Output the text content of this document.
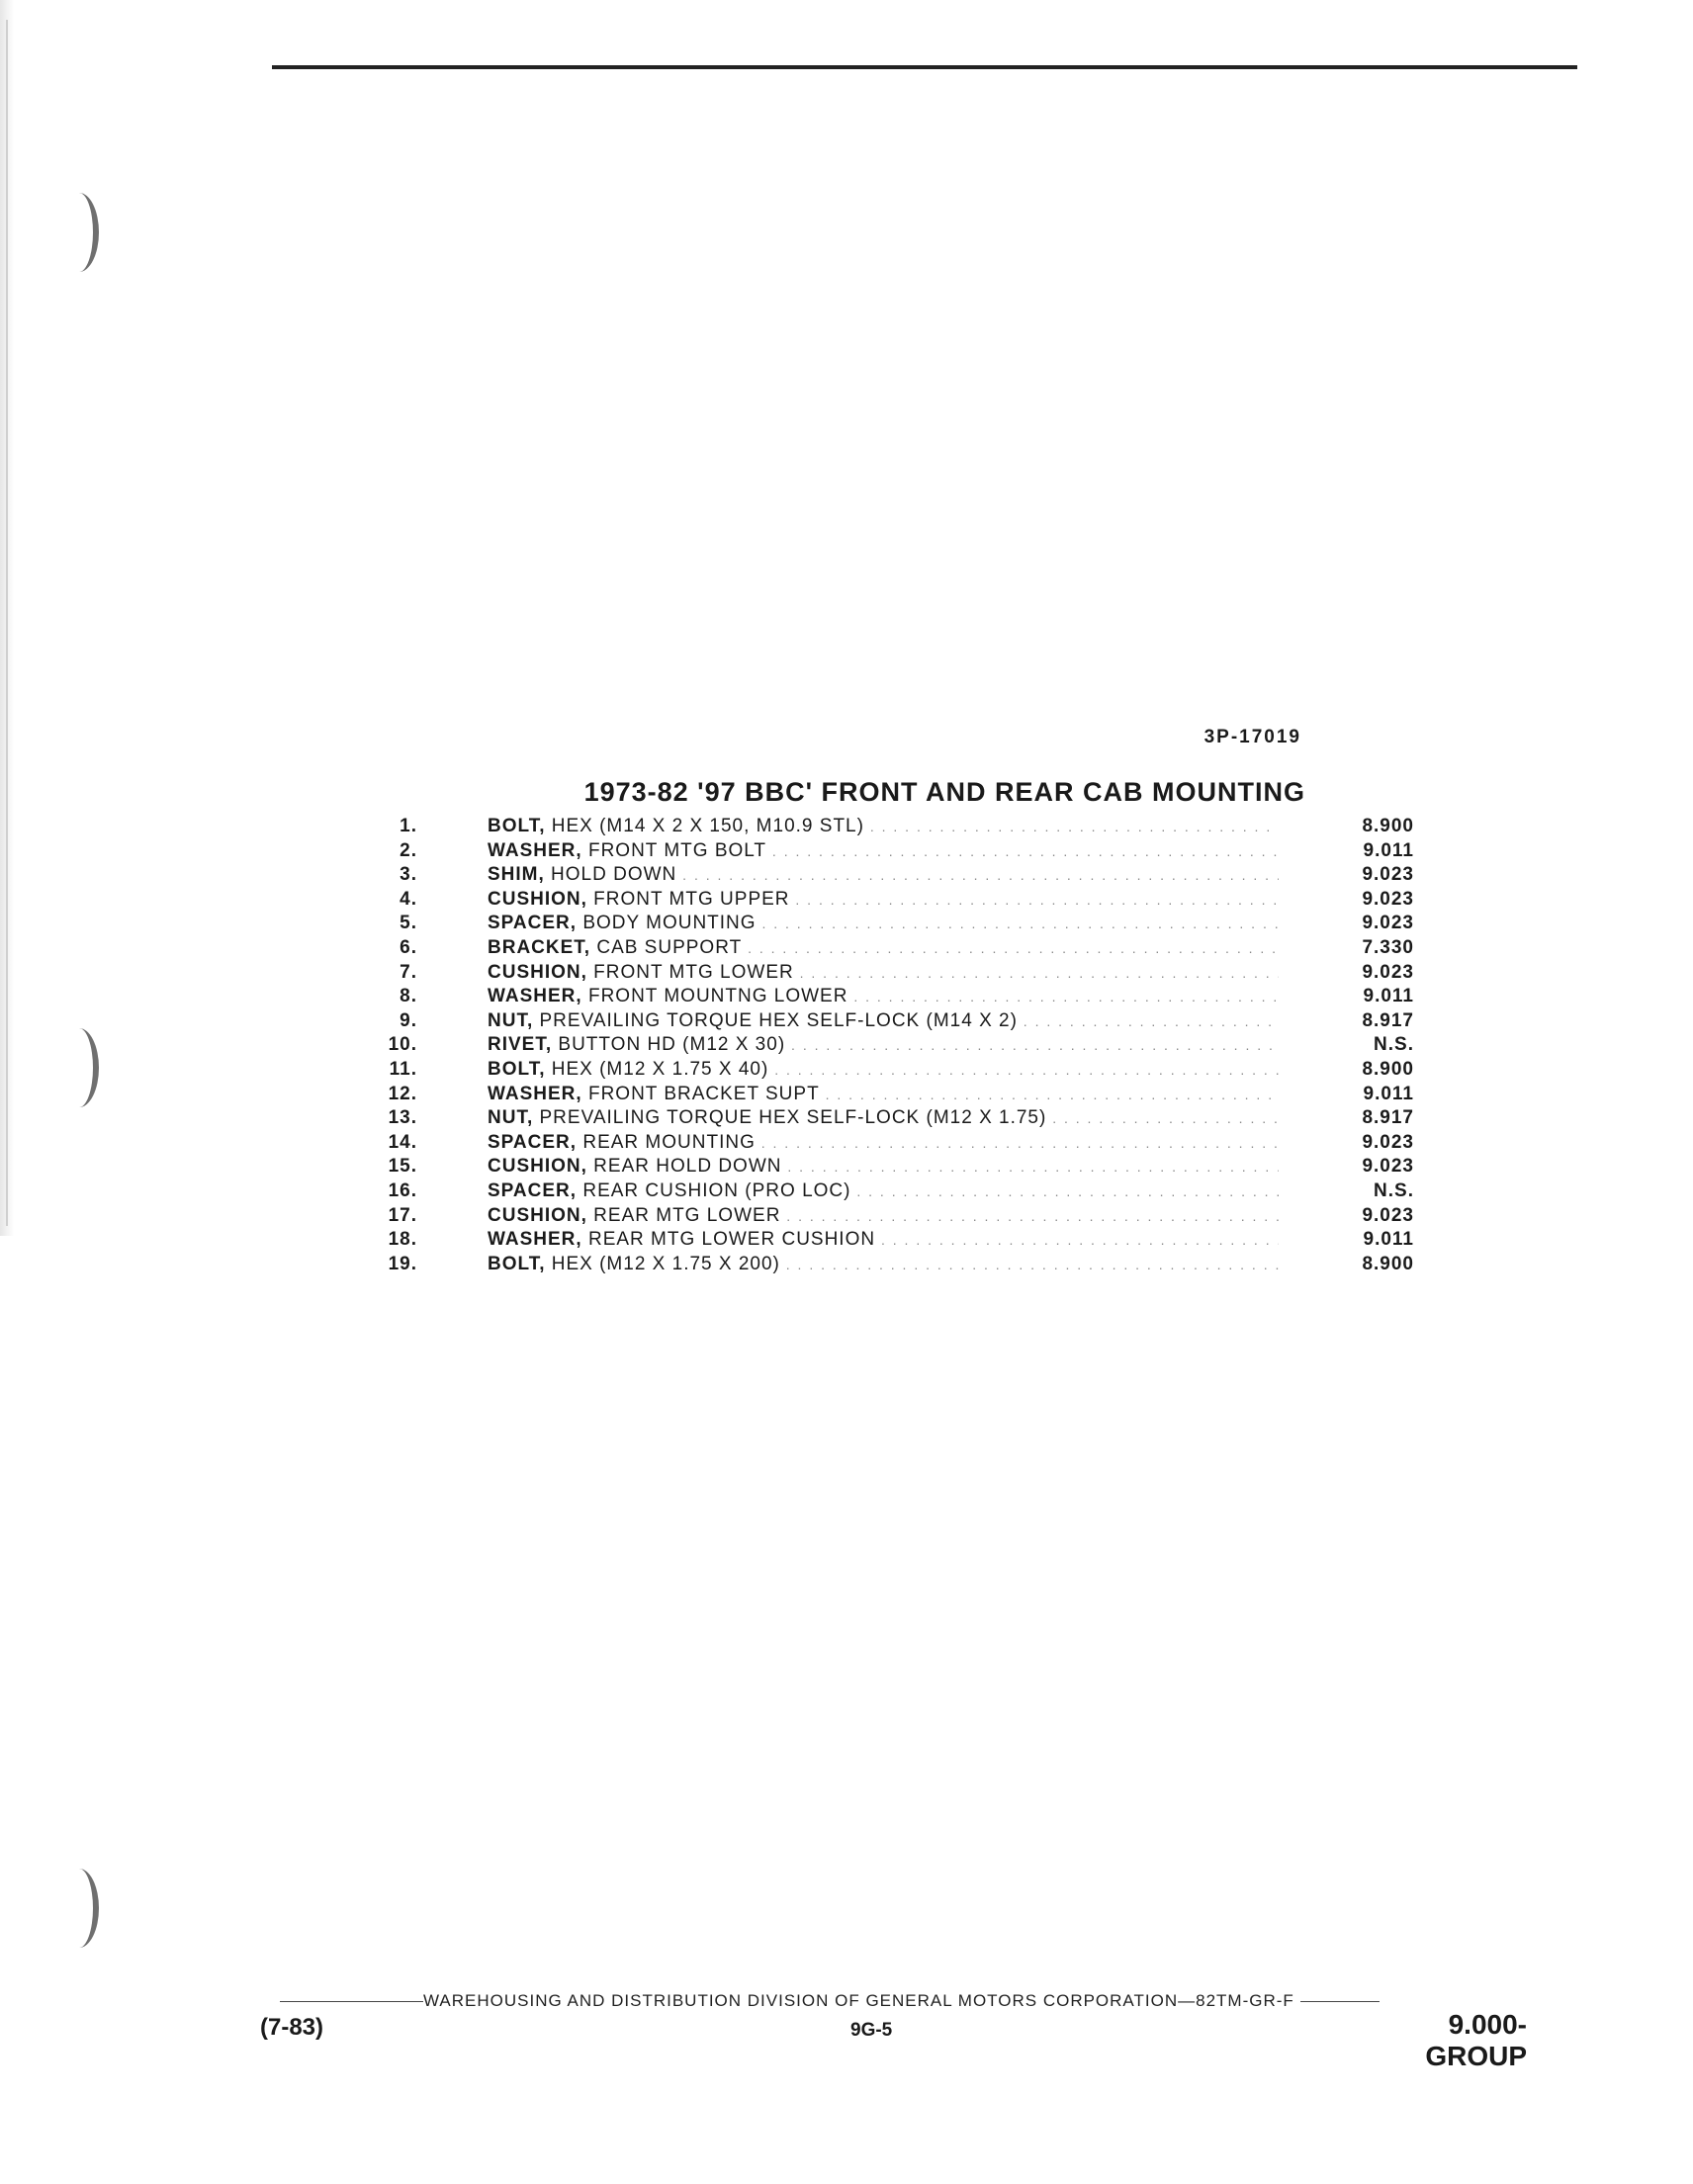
3P-17019
1973-82 '97 BBC' FRONT AND REAR CAB MOUNTING
1.	BOLT, HEX (M14 X 2 X 150, M10.9 STL) . . .	8.900
2.	WASHER, FRONT MTG BOLT . . .	9.011
3.	SHIM, HOLD DOWN . . .	9.023
4.	CUSHION, FRONT MTG UPPER . . .	9.023
5.	SPACER, BODY MOUNTING . . .	9.023
6.	BRACKET, CAB SUPPORT . . .	7.330
7.	CUSHION, FRONT MTG LOWER . . .	9.023
8.	WASHER, FRONT MOUNTNG LOWER . . .	9.011
9.	NUT, PREVAILING TORQUE HEX SELF-LOCK (M14 X 2) . . .	8.917
10.	RIVET, BUTTON HD (M12 X 30) . . .	N.S.
11.	BOLT, HEX (M12 X 1.75 X 40) . . .	8.900
12.	WASHER, FRONT BRACKET SUPT . . .	9.011
13.	NUT, PREVAILING TORQUE HEX SELF-LOCK (M12 X 1.75) . . .	8.917
14.	SPACER, REAR MOUNTING . . .	9.023
15.	CUSHION, REAR HOLD DOWN . . .	9.023
16.	SPACER, REAR CUSHION (PRO LOC) . . .	N.S.
17.	CUSHION, REAR MTG LOWER . . .	9.023
18.	WASHER, REAR MTG LOWER CUSHION . . .	9.011
19.	BOLT, HEX (M12 X 1.75 X 200) . . .	8.900
WAREHOUSING AND DISTRIBUTION DIVISION OF GENERAL MOTORS CORPORATION—82TM-GR-F
(7-83)	9G-5	9.000-GROUP
